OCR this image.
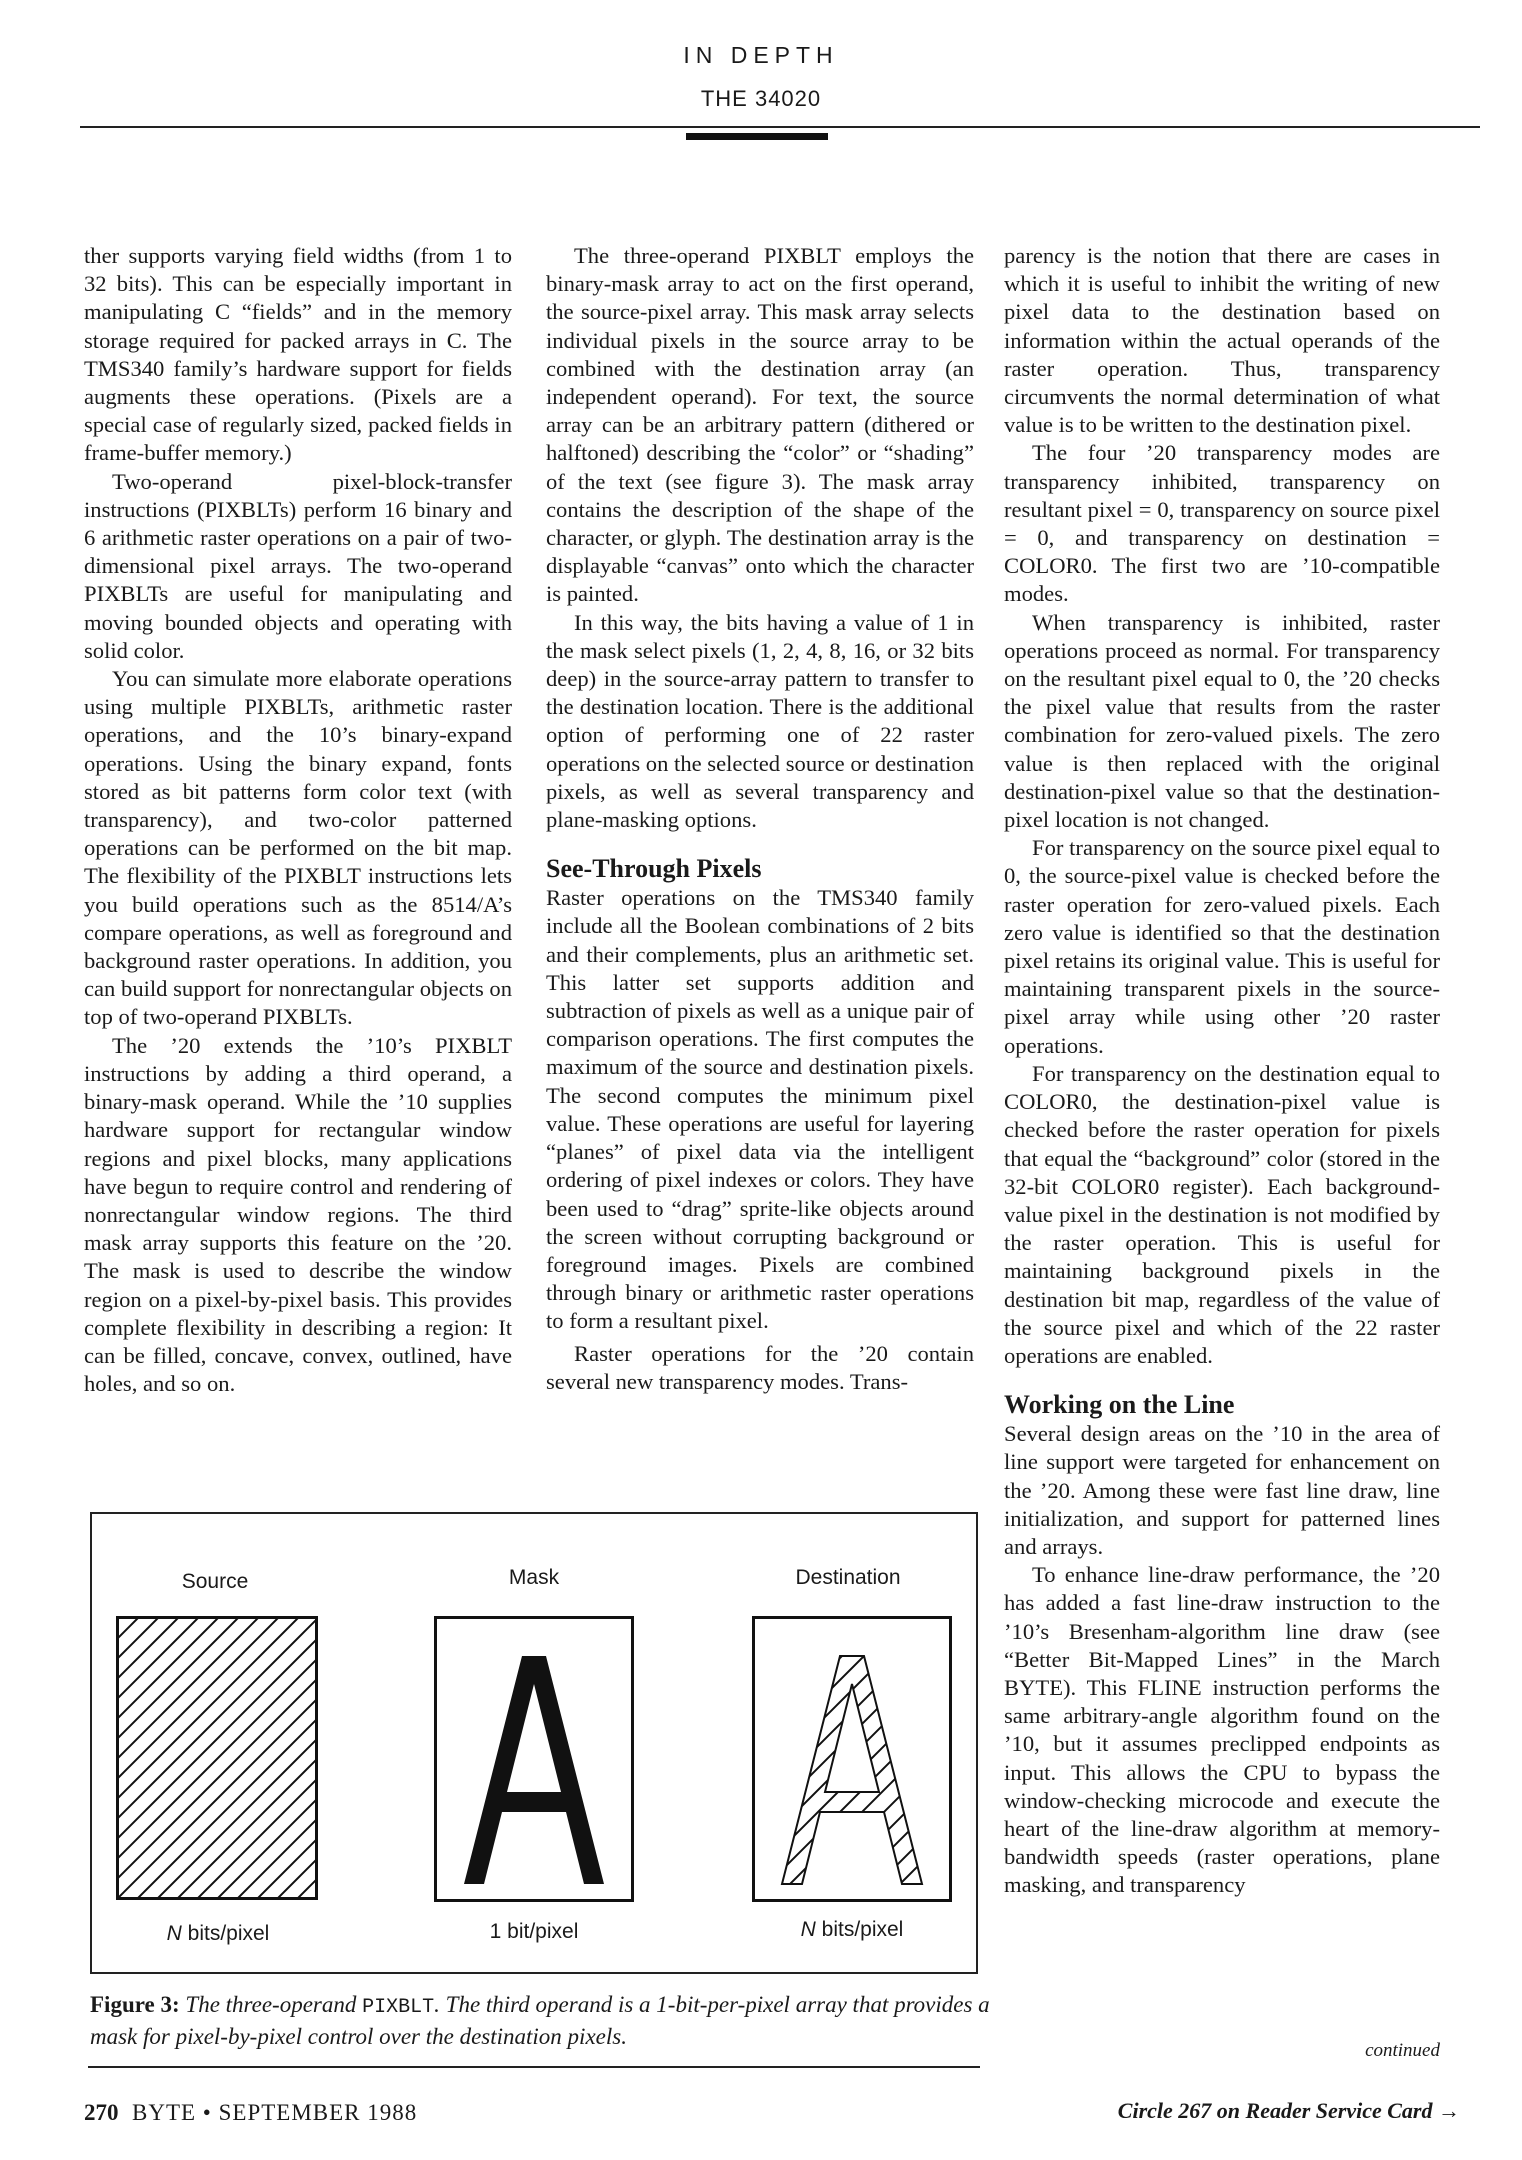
IN DEPTH
THE 34020

ther supports varying field widths (from 1 to 32 bits). This can be especially important in manipulating C “fields” and in the memory storage required for packed arrays in C. The TMS340 family’s hardware support for fields augments these operations. (Pixels are a special case of regularly sized, packed fields in frame-buffer memory.)

Two-operand pixel-block-transfer instructions (PIXBLTs) perform 16 binary and 6 arithmetic raster operations on a pair of two-dimensional pixel arrays. The two-operand PIXBLTs are useful for manipulating and moving bounded objects and operating with solid color.

You can simulate more elaborate operations using multiple PIXBLTs, arithmetic raster operations, and the 10’s binary-expand operations. Using the binary expand, fonts stored as bit patterns form color text (with transparency), and two-color patterned operations can be performed on the bit map. The flexibility of the PIXBLT instructions lets you build operations such as the 8514/A’s compare operations, as well as foreground and background raster operations. In addition, you can build support for nonrectangular objects on top of two-operand PIXBLTs.

The ’20 extends the ’10’s PIXBLT instructions by adding a third operand, a binary-mask operand. While the ’10 supplies hardware support for rectangular window regions and pixel blocks, many applications have begun to require control and rendering of nonrectangular window regions. The third mask array supports this feature on the ’20. The mask is used to describe the window region on a pixel-by-pixel basis. This provides complete flexibility in describing a region: It can be filled, concave, convex, outlined, have holes, and so on.

The three-operand PIXBLT employs the binary-mask array to act on the first operand, the source-pixel array. This mask array selects individual pixels in the source array to be combined with the destination array (an independent operand). For text, the source array can be an arbitrary pattern (dithered or halftoned) describing the “color” or “shading” of the text (see figure 3). The mask array contains the description of the shape of the character, or glyph. The destination array is the displayable “canvas” onto which the character is painted.

In this way, the bits having a value of 1 in the mask select pixels (1, 2, 4, 8, 16, or 32 bits deep) in the source-array pattern to transfer to the destination location. There is the additional option of performing one of 22 raster operations on the selected source or destination pixels, as well as several transparency and plane-masking options.

See-Through Pixels

Raster operations on the TMS340 family include all the Boolean combinations of 2 bits and their complements, plus an arithmetic set. This latter set supports addition and subtraction of pixels as well as a unique pair of comparison operations. The first computes the maximum of the source and destination pixels. The second computes the minimum pixel value. These operations are useful for layering “planes” of pixel data via the intelligent ordering of pixel indexes or colors. They have been used to “drag” sprite-like objects around the screen without corrupting background or foreground images. Pixels are combined through binary or arithmetic raster operations to form a resultant pixel.

Raster operations for the ’20 contain several new transparency modes. Trans-

parency is the notion that there are cases in which it is useful to inhibit the writing of new pixel data to the destination based on information within the actual operands of the raster operation. Thus, transparency circumvents the normal determination of what value is to be written to the destination pixel.

The four ’20 transparency modes are transparency inhibited, transparency on resultant pixel = 0, transparency on source pixel = 0, and transparency on destination = COLOR0. The first two are ’10-compatible modes.

When transparency is inhibited, raster operations proceed as normal. For transparency on the resultant pixel equal to 0, the ’20 checks the pixel value that results from the raster combination for zero-valued pixels. The zero value is then replaced with the original destination-pixel value so that the destination-pixel location is not changed.

For transparency on the source pixel equal to 0, the source-pixel value is checked before the raster operation for zero-valued pixels. Each zero value is identified so that the destination pixel retains its original value. This is useful for maintaining transparent pixels in the source-pixel array while using other ’20 raster operations.

For transparency on the destination equal to COLOR0, the destination-pixel value is checked before the raster operation for pixels that equal the “background” color (stored in the 32-bit COLOR0 register). Each background-value pixel in the destination is not modified by the raster operation. This is useful for maintaining background pixels in the destination bit map, regardless of the value of the source pixel and which of the 22 raster operations are enabled.

Working on the Line

Several design areas on the ’10 in the area of line support were targeted for enhancement on the ’20. Among these were fast line draw, line initialization, and support for patterned lines and arrays.

To enhance line-draw performance, the ’20 has added a fast line-draw instruction to the ’10’s Bresenham-algorithm line draw (see “Better Bit-Mapped Lines” in the March BYTE). This FLINE instruction performs the same arbitrary-angle algorithm found on the ’10, but it assumes preclipped endpoints as input. This allows the CPU to bypass the window-checking microcode and execute the heart of the line-draw algorithm at memory-bandwidth speeds (raster operations, plane masking, and transparency

Source	Mask	Destination
N bits/pixel	1 bit/pixel	N bits/pixel
Figure 3: The three-operand PIXBLT. The third operand is a 1-bit-per-pixel array that provides a mask for pixel-by-pixel control over the destination pixels.
continued
270 BYTE • SEPTEMBER 1988	Circle 267 on Reader Service Card →
